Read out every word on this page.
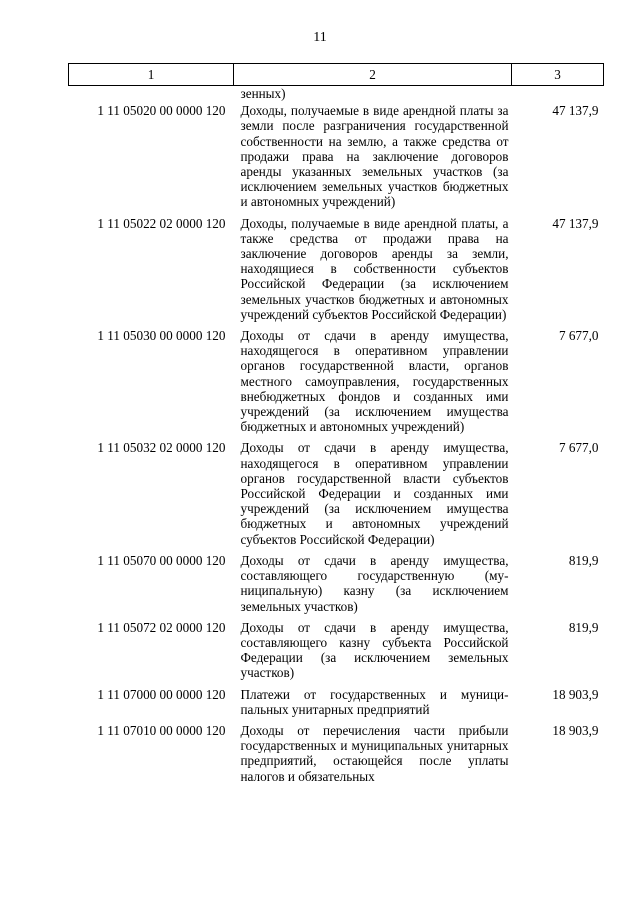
11
1	2	3
	зенных)	
1 11 05020 00 0000 120	Доходы, получаемые в виде арендной платы за земли после разграничения государственной собственности на землю, а также средства от продажи права на заключение договоров аренды указанных земельных участков (за исключением земельных участков бюджетных и автономных учреждений)	47 137,9
1 11 05022 02 0000 120	Доходы, получаемые в виде арендной платы, а также средства от продажи права на заключение договоров аренды за земли, находящиеся в собственности субъектов Российской Федерации (за исключением земельных участков бюджетных и автономных учреждений субъектов Российской Федерации)	47 137,9
1 11 05030 00 0000 120	Доходы от сдачи в аренду имущества, находящегося в оперативном управлении органов государственной власти, органов местного самоуправления, государственных внебюджетных фондов и созданных ими учреждений (за исключением имущества бюджетных и автономных учреждений)	7 677,0
1 11 05032 02 0000 120	Доходы от сдачи в аренду имущества, находящегося в оперативном управлении органов государственной власти субъектов Российской Федерации и созданных ими учреждений (за исключением имущества бюджетных и автономных учреждений субъектов Российской Федерации)	7 677,0
1 11 05070 00 0000 120	Доходы от сдачи в аренду имущества, составляющего государственную (муниципальную) казну (за исключением земельных участков)	819,9
1 11 05072 02 0000 120	Доходы от сдачи в аренду имущества, составляющего казну субъекта Российской Федерации (за исключением земельных участков)	819,9
1 11 07000 00 0000 120	Платежи от государственных и муниципальных унитарных предприятий	18 903,9
1 11 07010 00 0000 120	Доходы от перечисления части прибыли государственных и муниципальных унитарных предприятий, остающейся после уплаты налогов и обязательных	18 903,9
